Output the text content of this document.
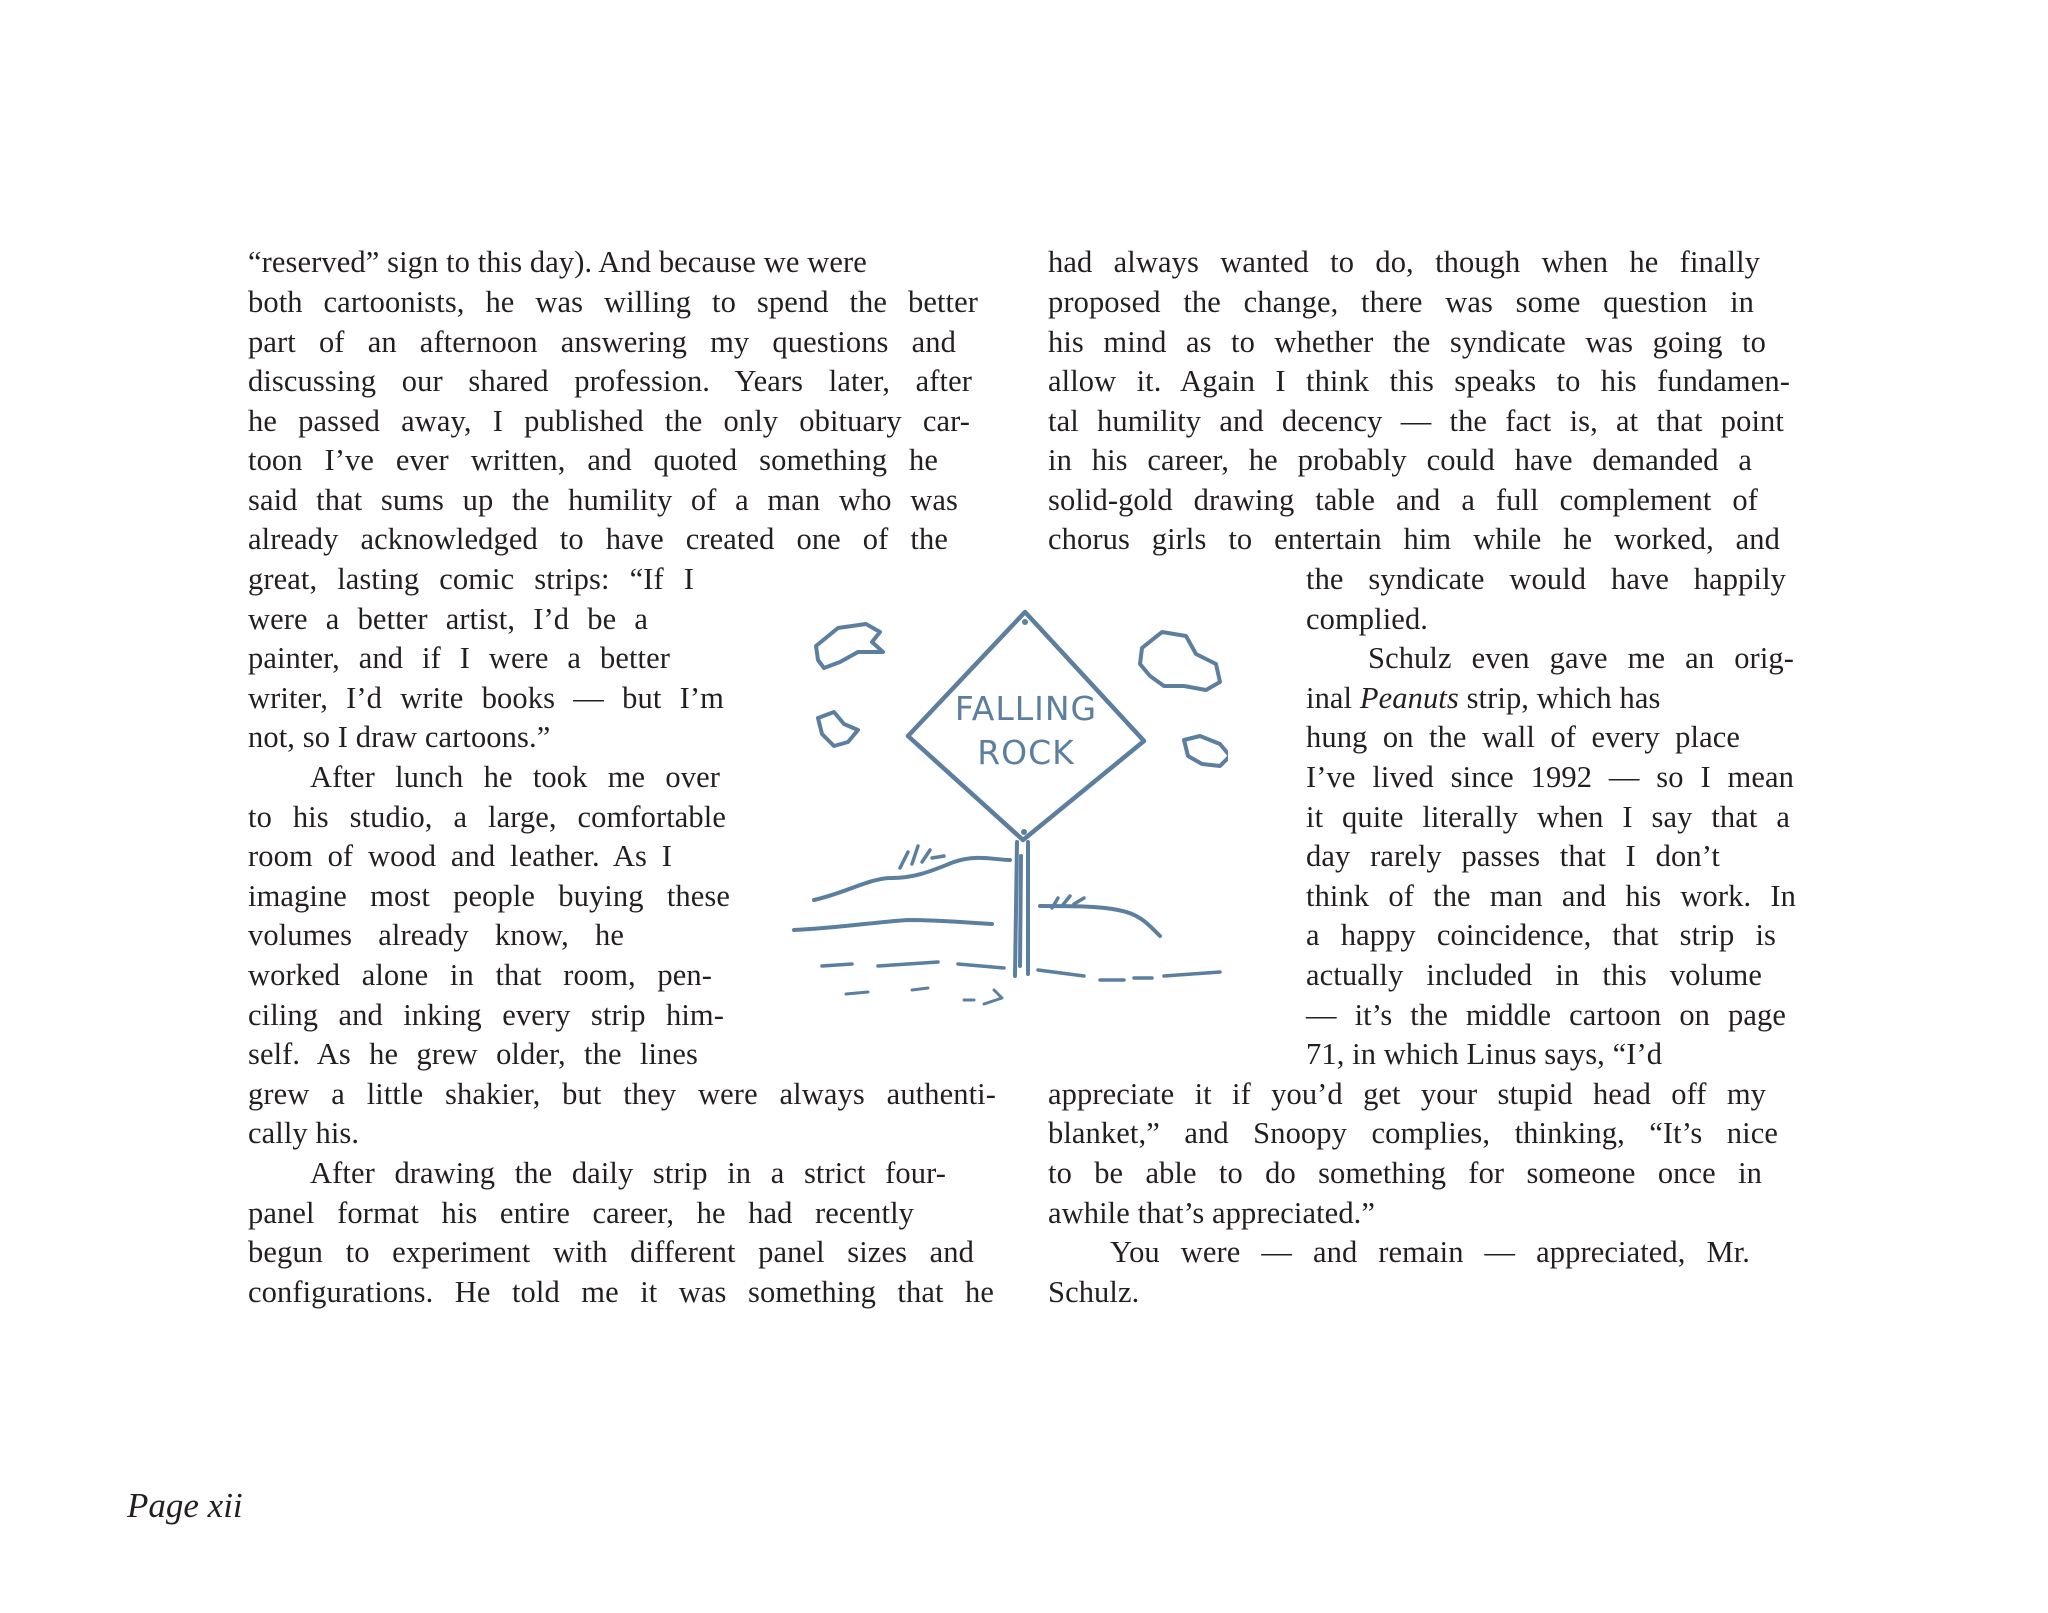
“reserved” sign to this day). And because we were
both cartoonists, he was willing to spend the better
part of an afternoon answering my questions and
discussing our shared profession. Years later, after
he passed away, I published the only obituary car-
toon I’ve ever written, and quoted something he
said that sums up the humility of a man who was
already acknowledged to have created one of the
great, lasting comic strips: “If I
were a better artist, I’d be a
painter, and if I were a better
writer, I’d write books — but I’m
not, so I draw cartoons.”
After lunch he took me over
to his studio, a large, comfortable
room of wood and leather. As I
imagine most people buying these
volumes already know, he
worked alone in that room, pen-
ciling and inking every strip him-
self. As he grew older, the lines
grew a little shakier, but they were always authenti-
cally his.
After drawing the daily strip in a strict four-
panel format his entire career, he had recently
begun to experiment with different panel sizes and
configurations. He told me it was something that he
had always wanted to do, though when he finally
proposed the change, there was some question in
his mind as to whether the syndicate was going to
allow it. Again I think this speaks to his fundamen-
tal humility and decency — the fact is, at that point
in his career, he probably could have demanded a
solid-gold drawing table and a full complement of
chorus girls to entertain him while he worked, and
the syndicate would have happily
complied.
Schulz even gave me an orig-
inal Peanuts strip, which has
hung on the wall of every place
I’ve lived since 1992 — so I mean
it quite literally when I say that a
day rarely passes that I don’t
think of the man and his work. In
a happy coincidence, that strip is
actually included in this volume
— it’s the middle cartoon on page
71, in which Linus says, “I’d
appreciate it if you’d get your stupid head off my
blanket,” and Snoopy complies, thinking, “It’s nice
to be able to do something for someone once in
awhile that’s appreciated.”
You were — and remain — appreciated, Mr.
Schulz.
FALLING
ROCK
Page xii
